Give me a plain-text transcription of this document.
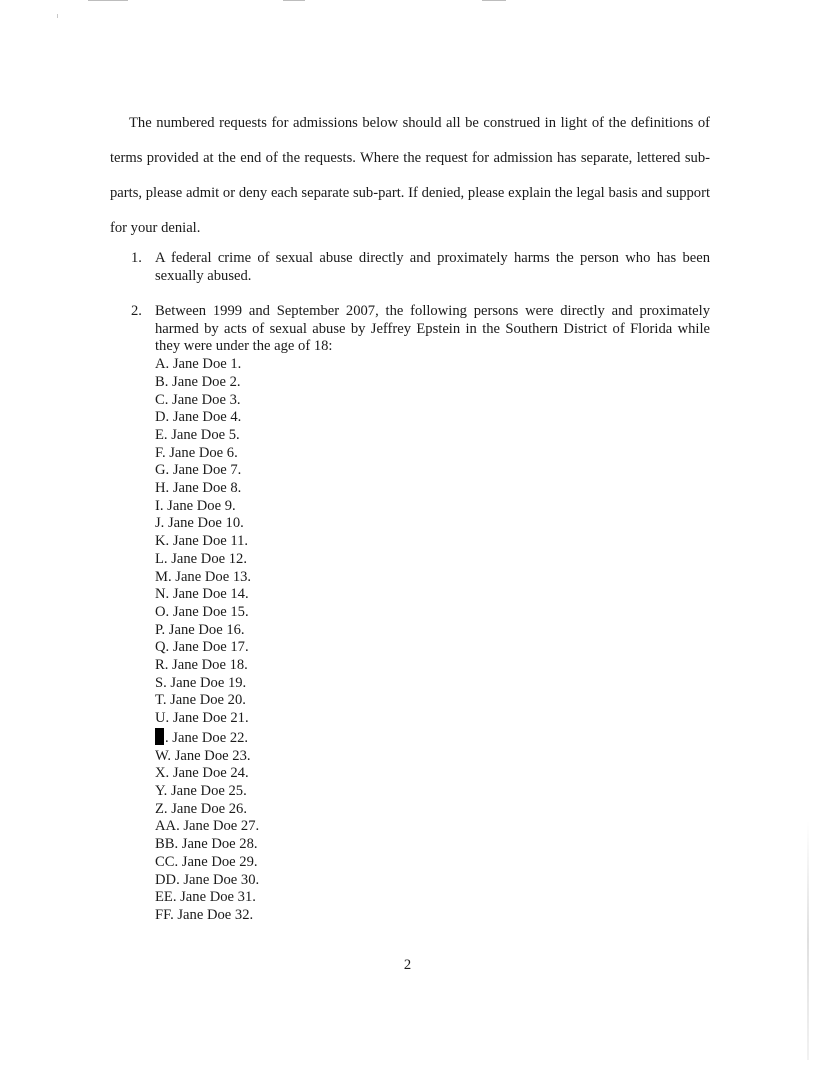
The numbered requests for admissions below should all be construed in light of the definitions of terms provided at the end of the requests. Where the request for admission has separate, lettered sub-parts, please admit or deny each separate sub-part. If denied, please explain the legal basis and support for your denial.

1. A federal crime of sexual abuse directly and proximately harms the person who has been sexually abused.
2. Between 1999 and September 2007, the following persons were directly and proximately harmed by acts of sexual abuse by Jeffrey Epstein in the Southern District of Florida while they were under the age of 18:
A. Jane Doe 1.
B. Jane Doe 2.
C. Jane Doe 3.
D. Jane Doe 4.
E. Jane Doe 5.
F. Jane Doe 6.
G. Jane Doe 7.
H. Jane Doe 8.
I. Jane Doe 9.
J. Jane Doe 10.
K. Jane Doe 11.
L. Jane Doe 12.
M. Jane Doe 13.
N. Jane Doe 14.
O. Jane Doe 15.
P. Jane Doe 16.
Q. Jane Doe 17.
R. Jane Doe 18.
S. Jane Doe 19.
T. Jane Doe 20.
U. Jane Doe 21.
. Jane Doe 22.
W. Jane Doe 23.
X. Jane Doe 24.
Y. Jane Doe 25.
Z. Jane Doe 26.
AA. Jane Doe 27.
BB. Jane Doe 28.
CC. Jane Doe 29.
DD. Jane Doe 30.
EE. Jane Doe 31.
FF. Jane Doe 32.
2
